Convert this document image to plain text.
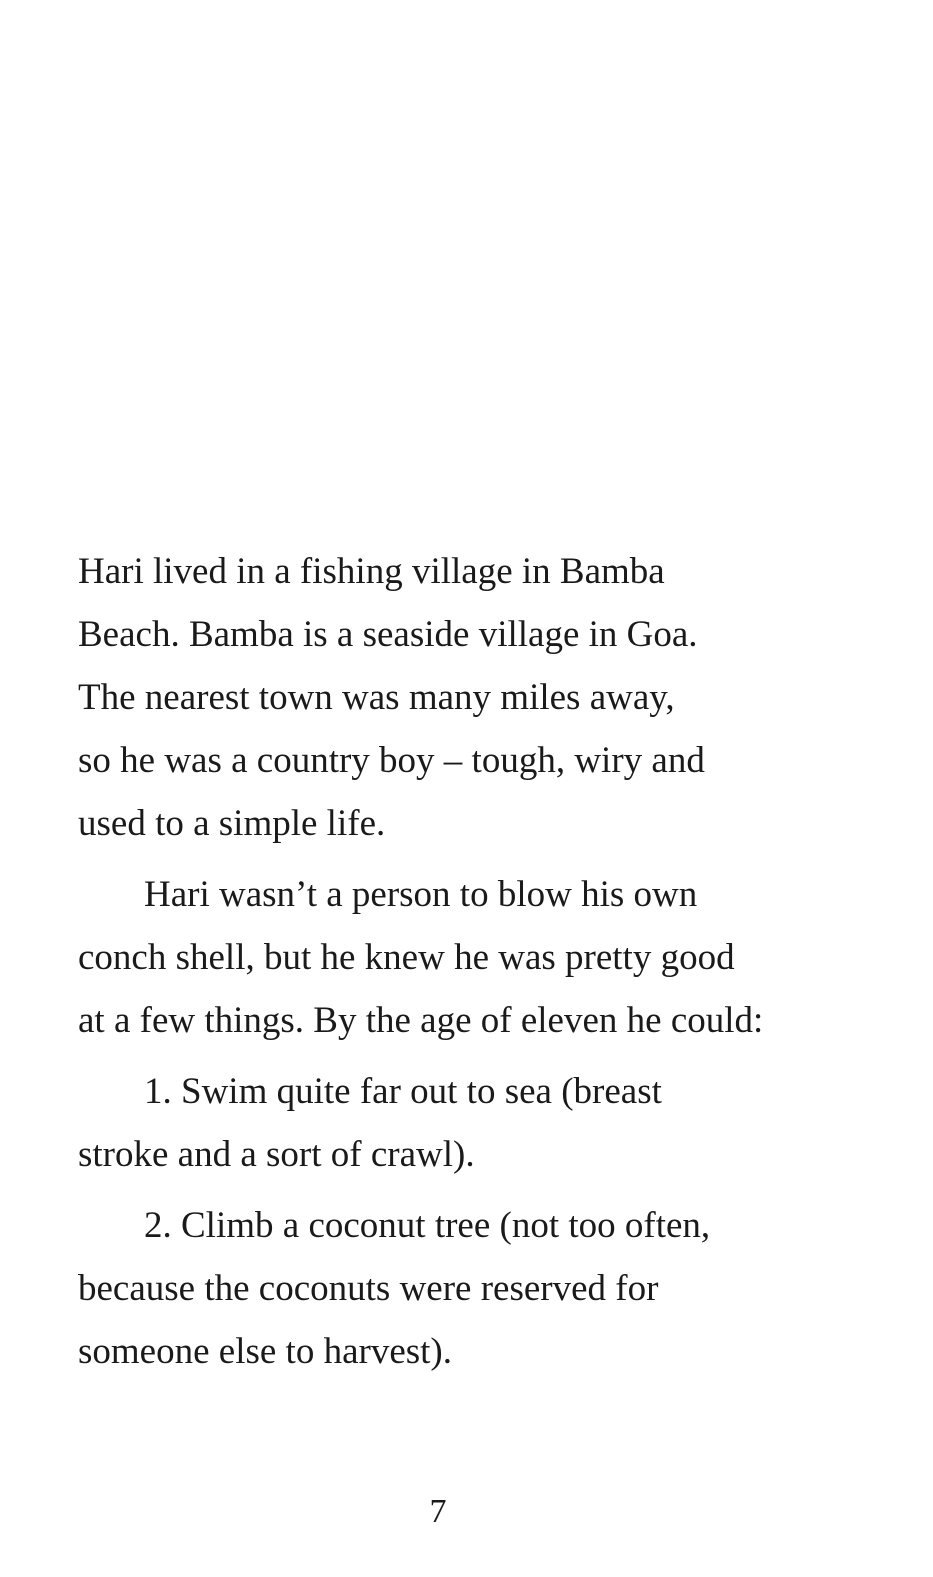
Hari lived in a fishing village in Bamba
Beach. Bamba is a seaside village in Goa.
The nearest town was many miles away,
so he was a country boy – tough, wiry and
used to a simple life.

Hari wasn’t a person to blow his own
conch shell, but he knew he was pretty good
at a few things. By the age of eleven he could:

1. Swim quite far out to sea (breast
stroke and a sort of crawl).

2. Climb a coconut tree (not too often,
because the coconuts were reserved for
someone else to harvest).

7
